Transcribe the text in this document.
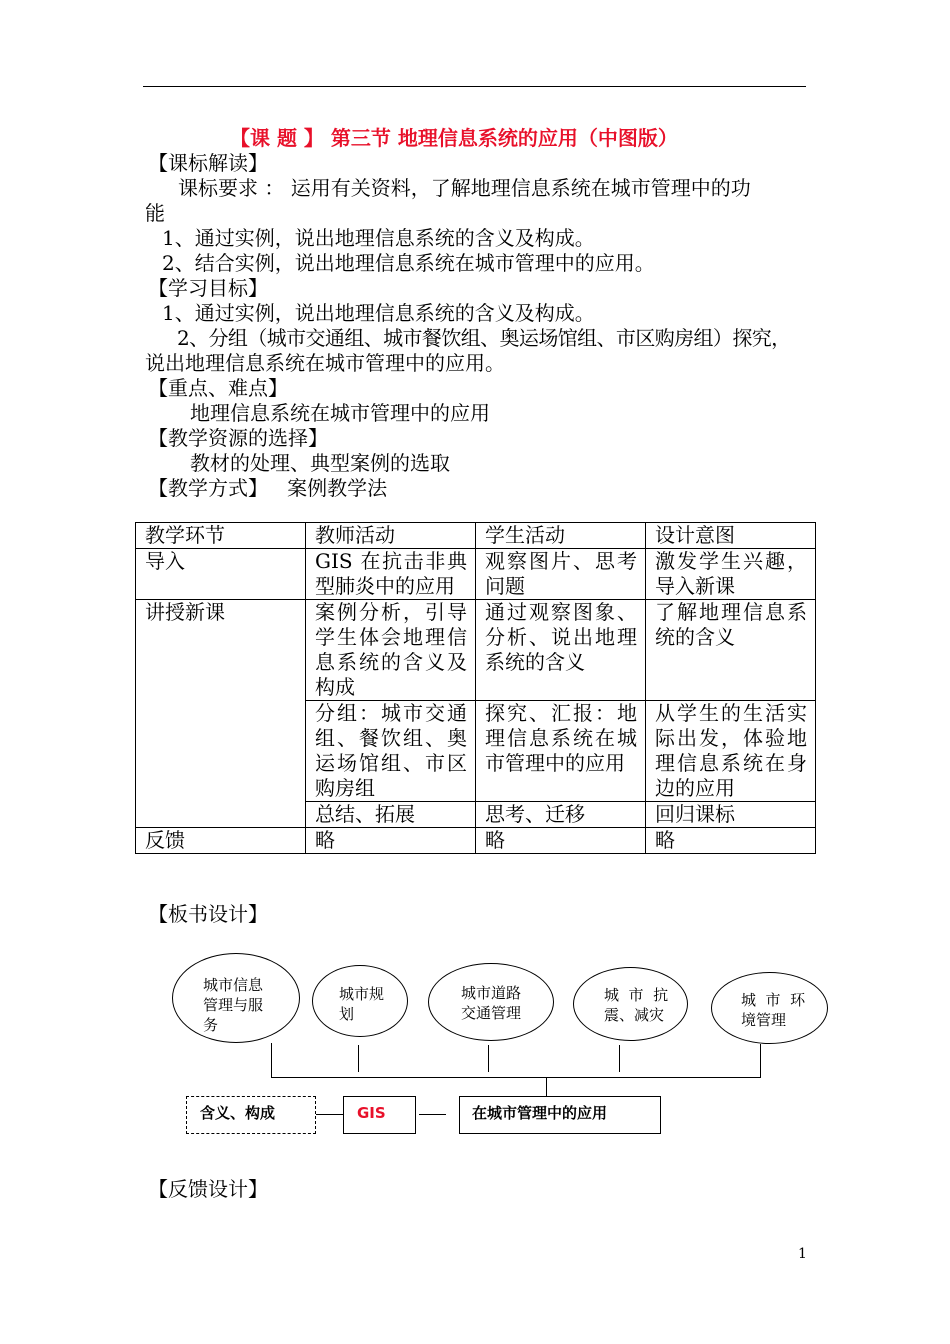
【课 题 】 第三节 地理信息系统的应用（中图版）
【课标解读】
课标要求 ： 运用有关资料，了解地理信息系统在城市管理中的功
能
1、通过实例，说出地理信息系统的含义及构成。
2、结合实例，说出地理信息系统在城市管理中的应用。
【学习目标】
1、通过实例，说出地理信息系统的含义及构成。
2、分组（城市交通组、城市餐饮组、奥运场馆组、市区购房组）探究，
说出地理信息系统在城市管理中的应用。
【重点、难点】
地理信息系统在城市管理中的应用
【教学资源的选择】
教材的处理、典型案例的选取
【教学方式】   案例教学法
教学环节	教师活动	学生活动	设计意图
导入	GIS 在抗击非典型肺炎中的应用	观察图片、思考问题	激发学生兴趣，导入新课
讲授新课	案例分析，引导学生体会地理信息系统的含义及构成	通过观察图象、分析、说出地理系统的含义	了解地理信息系统的含义
	分组：城市交通组、餐饮组、奥运场馆组、市区购房组	探究、汇报：地理信息系统在城市管理中的应用	从学生的生活实际出发，体验地理信息系统在身边的应用
	总结、拓展	思考、迁移	回归课标
反馈	略	略	略
【板书设计】
城市信息
管理与服
务
城市规
划
城市道路
交通管理
城  市  抗
震、减灾
城  市  环
境管理
含义、构成	GIS	在城市管理中的应用
【反馈设计】
1
